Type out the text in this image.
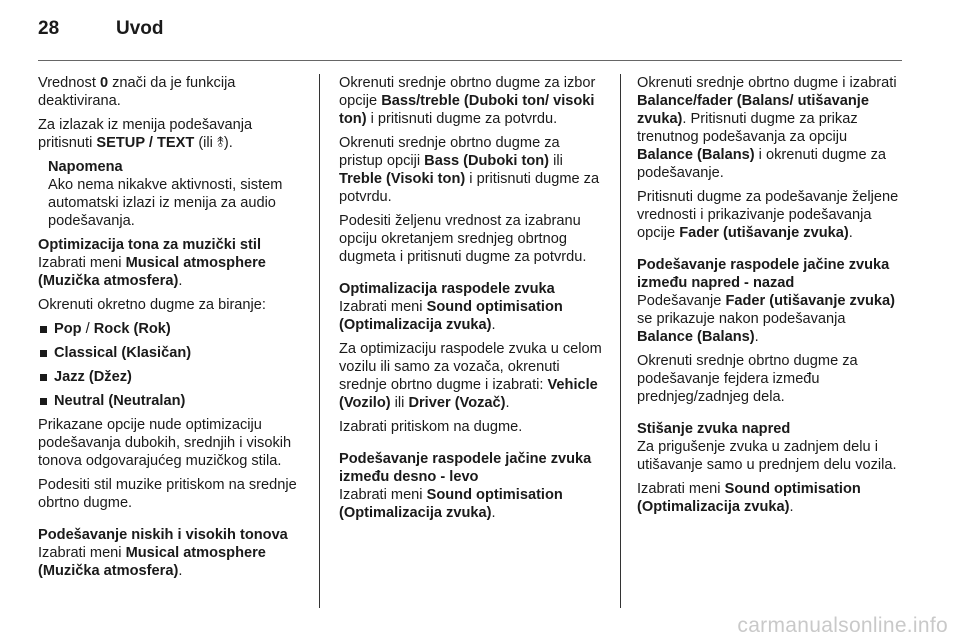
28	Uvod

Vrednost 0 znači da je funkcija deaktivirana.

Za izlazak iz menija podešavanja pritisnuti SETUP / TEXT (ili ⥉).

Napomena
Ako nema nikakve aktivnosti, sistem automatski izlazi iz menija za audio podešavanja.

Optimizacija tona za muzički stil

Izabrati meni Musical atmosphere (Muzička atmosfera).

Okrenuti okretno dugme za biranje:

Pop / Rock (Rok)
Classical (Klasičan)
Jazz (Džez)
Neutral (Neutralan)

Prikazane opcije nude optimizaciju podešavanja dubokih, srednjih i visokih tonova odgovarajućeg muzičkog stila.

Podesiti stil muzike pritiskom na srednje obrtno dugme.

Podešavanje niskih i visokih tonova

Izabrati meni Musical atmosphere (Muzička atmosfera).

Okrenuti srednje obrtno dugme za izbor opcije Bass/treble (Duboki ton/ visoki ton) i pritisnuti dugme za potvrdu.

Okrenuti srednje obrtno dugme za pristup opciji Bass (Duboki ton) ili Treble (Visoki ton) i pritisnuti dugme za potvrdu.

Podesiti željenu vrednost za izabranu opciju okretanjem srednjeg obrtnog dugmeta i pritisnuti dugme za potvrdu.

Optimalizacija raspodele zvuka

Izabrati meni Sound optimisation (Optimalizacija zvuka).

Za optimizaciju raspodele zvuka u celom vozilu ili samo za vozača, okrenuti srednje obrtno dugme i izabrati: Vehicle (Vozilo) ili Driver (Vozač).

Izabrati pritiskom na dugme.

Podešavanje raspodele jačine zvuka između desno - levo

Izabrati meni Sound optimisation (Optimalizacija zvuka).

Okrenuti srednje obrtno dugme i izabrati Balance/fader (Balans/ utišavanje zvuka). Pritisnuti dugme za prikaz trenutnog podešavanja za opciju Balance (Balans) i okrenuti dugme za podešavanje.

Pritisnuti dugme za podešavanje željene vrednosti i prikazivanje podešavanja opcije Fader (utišavanje zvuka).

Podešavanje raspodele jačine zvuka između napred - nazad

Podešavanje Fader (utišavanje zvuka) se prikazuje nakon podešavanja Balance (Balans).

Okrenuti srednje obrtno dugme za podešavanje fejdera između prednjeg/zadnjeg dela.

Stišanje zvuka napred

Za prigušenje zvuka u zadnjem delu i utišavanje samo u prednjem delu vozila.

Izabrati meni Sound optimisation (Optimalizacija zvuka).

carmanualsonline.info
